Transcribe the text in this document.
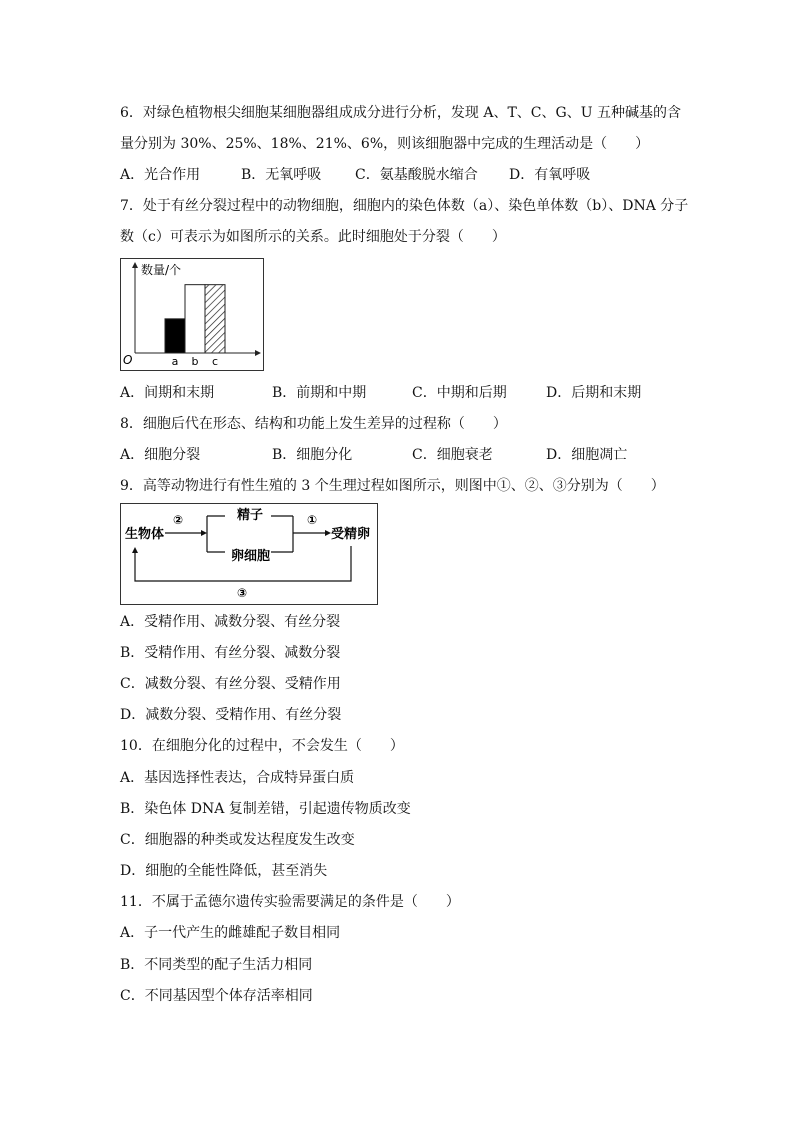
6．对绿色植物根尖细胞某细胞器组成成分进行分析，发现 A、T、C、G、U 五种碱基的含
量分别为 30%、25%、18%、21%、6%，则该细胞器中完成的生理活动是（　　）
A．光合作用	B．无氧呼吸 C．氨基酸脱水缩合 D．有氧呼吸
7．处于有丝分裂过程中的动物细胞，细胞内的染色体数（a）、染色单体数（b）、DNA 分子
数（c）可表示为如图所示的关系。此时细胞处于分裂（　　）
数量/个
O	a b c
A．间期和末期	B．前期和中期	C．中期和后期	D．后期和末期
8．细胞后代在形态、结构和功能上发生差异的过程称（　　）
A．细胞分裂	B．细胞分化	C．细胞衰老	D．细胞凋亡
9．高等动物进行有性生殖的 3 个生理过程如图所示，则图中①、②、③分别为（　　）
生物体
②	精子
卵细胞
①
受精卵
③
A．受精作用、减数分裂、有丝分裂
B．受精作用、有丝分裂、减数分裂
C．减数分裂、有丝分裂、受精作用
D．减数分裂、受精作用、有丝分裂
10．在细胞分化的过程中，不会发生（　　）
A．基因选择性表达，合成特异蛋白质
B．染色体 DNA 复制差错，引起遗传物质改变
C．细胞器的种类或发达程度发生改变
D．细胞的全能性降低，甚至消失
11．不属于孟德尔遗传实验需要满足的条件是（　　）
A．子一代产生的雌雄配子数目相同
B．不同类型的配子生活力相同
C．不同基因型个体存活率相同
